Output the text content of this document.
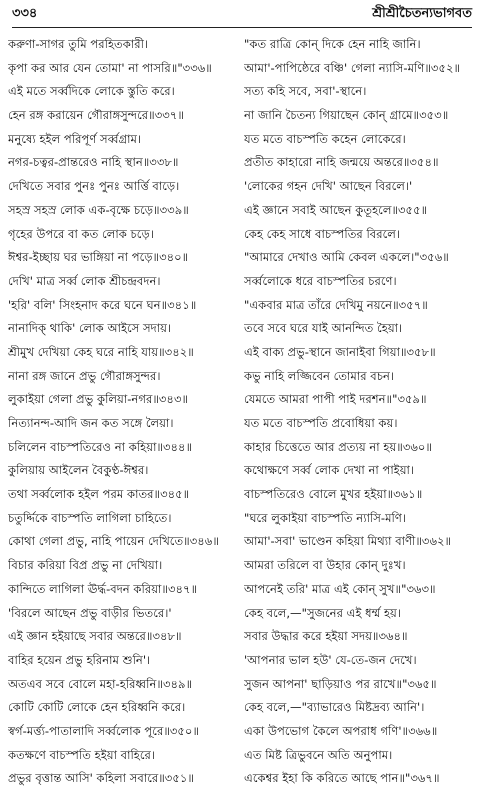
৩৩৪	শ্রীশ্রীচৈতন্যভাগবত
করুণা-সাগর তুমি পরহিতকারী।
কৃপা কর আর যেন তোমা' না পাসরি॥"৩৩৬॥
এই মতে সর্ব্বদিকে লোকে স্তুতি করে।
হেন রঙ্গ করায়েন গৌরাঙ্গসুন্দরে॥৩৩৭॥
মনুষ্যে হইল পরিপূর্ণ সর্ব্বগ্রাম।
নগর-চত্বর-প্রান্তরেও নাহি স্থান॥৩৩৮॥
দেখিতে সবার পুনঃ পুনঃ আর্ত্তি বাড়ে।
সহস্র সহস্র লোক এক-বৃক্ষে চড়ে॥৩৩৯॥
গৃহের উপরে বা কত লোক চড়ে।
ঈশ্বর-ইচ্ছায় ঘর ভাঙ্গিয়া না পড়ে॥৩৪০॥
দেখি' মাত্র সর্ব্ব লোক শ্রীচন্দ্রবদন।
'হরি' বলি' সিংহনাদ করে ঘনে ঘন॥৩৪১॥
নানাদিক্ থাকি' লোক আইসে সদায়।
শ্রীমুখ দেখিয়া কেহ ঘরে নাহি যায়॥৩৪২॥
নানা রঙ্গ জানে প্রভু গৌরাঙ্গসুন্দর।
লুকাইয়া গেলা প্রভু কুলিয়া-নগর॥৩৪৩॥
নিত্যানন্দ-আদি জন কত সঙ্গে লৈয়া।
চলিলেন বাচস্পতিরেও না কহিয়া॥৩৪৪॥
কুলিয়ায় আইলেন বৈকুণ্ঠ-ঈশ্বর।
তথা সর্ব্বলোক হইল পরম কাতর॥৩৪৫॥
চতুর্দ্দিকে বাচস্পতি লাগিলা চাহিতে।
কোথা গেলা প্রভু, নাহি পায়েন দেখিতে॥৩৪৬॥
বিচার করিয়া বিপ্র প্রভু না দেখিয়া।
কান্দিতে লাগিলা ঊর্দ্ধ-বদন করিয়া॥৩৪৭॥
'বিরলে আছেন প্রভু বাড়ীর ভিতরে।'
এই জ্ঞান হইয়াছে সবার অন্তরে॥৩৪৮॥
বাহির হয়েন প্রভু হরিনাম শুনি'।
অতএব সবে বোলে মহা-হরিধ্বনি॥৩৪৯॥
কোটি কোটি লোকে হেন হরিধ্বনি করে।
স্বর্গ-মর্ত্ত্য-পাতালাদি সর্ব্বলোক পূরে॥৩৫০॥
কতক্ষণে বাচস্পতি হইয়া বাহিরে।
প্রভুর বৃত্তান্ত আসি' কহিলা সবারে॥৩৫১॥
"কত রাত্রি কোন্ দিকে হেন নাহি জানি।
আমা'-পাপিষ্ঠেরে বঞ্চি' গেলা ন্যাসি-মণি॥৩৫২॥
সত্য কহি সবে, সবা'-স্থানে।
না জানি চৈতন্য গিয়াছেন কোন্ গ্রামে॥৩৫৩॥
যত মতে বাচস্পতি কহেন লোকেরে।
প্রতীত কাহারো নাহি জন্ময়ে অন্তরে॥৩৫৪॥
'লোকের গহন দেখি' আছেন বিরলে।'
এই জ্ঞানে সবাই আছেন কুতূহলে॥৩৫৫॥
কেহ কেহ সাধে বাচস্পতির বিরলে।
"আমারে দেখাও আমি কেবল একলে।"৩৫৬॥
সর্ব্বলোকে ধরে বাচস্পতির চরণে।
"একবার মাত্র তাঁরে দেখিমু নয়নে॥৩৫৭॥
তবে সবে ঘরে যাই আনন্দিত হৈয়া।
এই বাক্য প্রভু-স্থানে জানাইবা গিয়া॥৩৫৮॥
কভু নাহি লজ্জিবেন তোমার বচন।
যেমতে আমরা পাপী পাই দরশন॥"৩৫৯॥
যত মতে বাচস্পতি প্রবোধিয়া কয়।
কাহার চিত্তেতে আর প্রত্যয় না হয়॥৩৬০॥
কথোক্ষণে সর্ব্ব লোক দেখা না পাইয়া।
বাচস্পতিরেও বোলে মুখর হইয়া॥৩৬১॥
"ঘরে লুকাইয়া বাচস্পতি ন্যাসি-মণি।
আমা'-সবা' ভাণ্ডেন কহিয়া মিথ্যা বাণী॥৩৬২॥
আমরা তরিলে বা উহার কোন্ দুঃখ।
আপনেই তরি' মাত্র এই কোন্ সুখ॥"৩৬৩॥
কেহ বলে,—"সুজনের এই ধর্ম্ম হয়।
সবার উদ্ধার করে হইয়া সদয়॥৩৬৪॥
'আপনার ভাল হউ' যে-তে-জন দেখে।
সুজন আপনা' ছাড়িয়াও পর রাখে॥"৩৬৫॥
কেহ বলে,—"ব্যাভারেও মিষ্টদ্রব্য আনি'।
একা উপভোগ কৈলে অপরাধ গণি'॥৩৬৬॥
এত মিষ্ট ত্রিভুবনে অতি অনুপাম।
একেশ্বর ইহা কি করিতে আছে পান॥"৩৬৭॥
